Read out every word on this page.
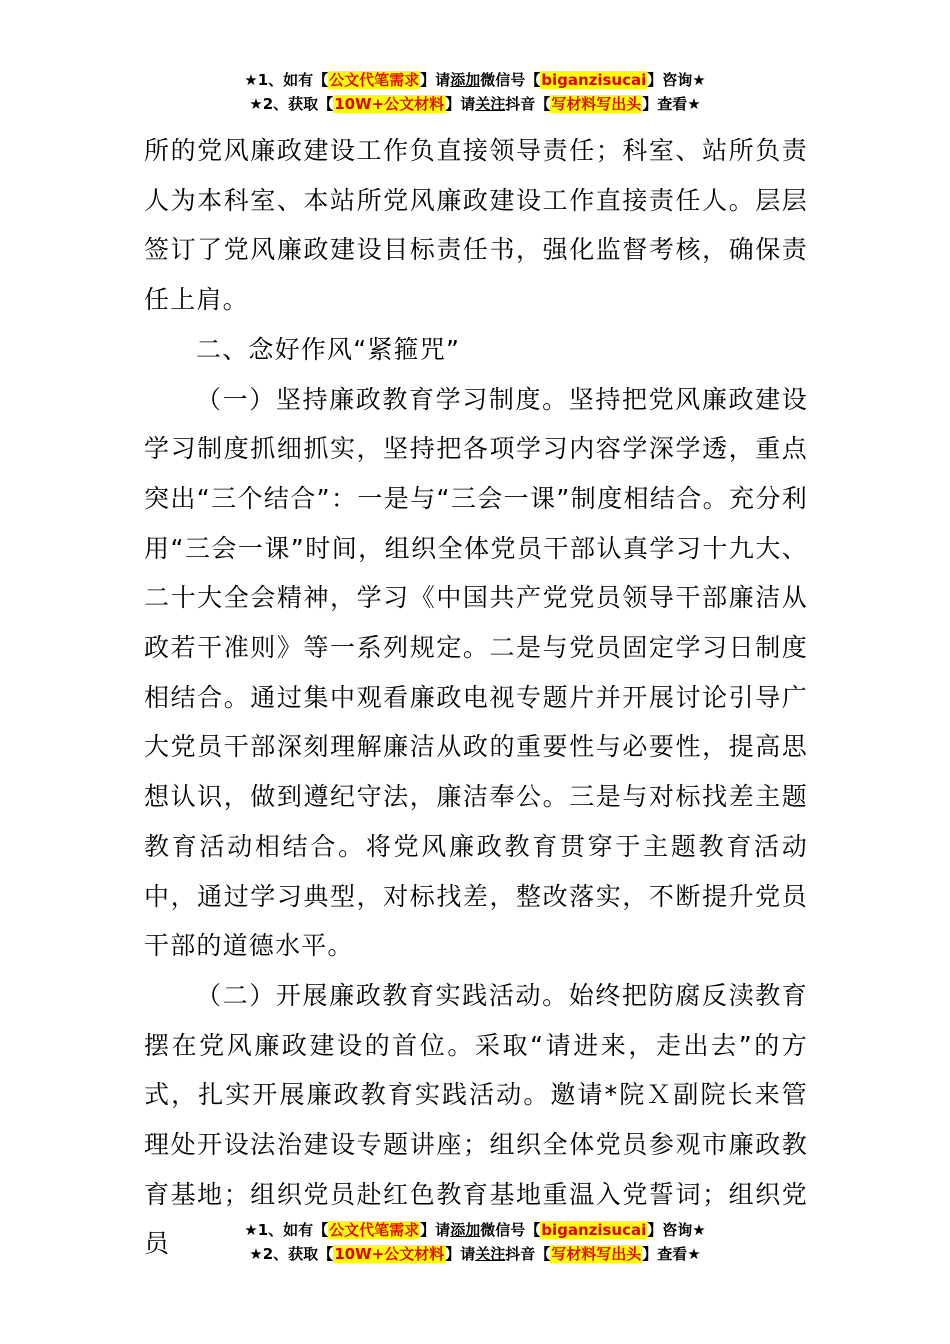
★1、如有【公文代笔需求】请添加微信号【biganzisucai】咨询★
★2、获取【10W+公文材料】请关注抖音【写材料写出头】查看★

所的党风廉政建设工作负直接领导责任；科室、站所负责人为本科室、本站所党风廉政建设工作直接责任人。层层签订了党风廉政建设目标责任书，强化监督考核，确保责任上肩。

二、念好作风“紧箍咒”

（一）坚持廉政教育学习制度。坚持把党风廉政建设学习制度抓细抓实，坚持把各项学习内容学深学透，重点突出“三个结合”：一是与“三会一课”制度相结合。充分利用“三会一课”时间，组织全体党员干部认真学习十九大、二十大全会精神，学习《中国共产党党员领导干部廉洁从政若干准则》等一系列规定。二是与党员固定学习日制度相结合。通过集中观看廉政电视专题片并开展讨论引导广大党员干部深刻理解廉洁从政的重要性与必要性，提高思想认识，做到遵纪守法，廉洁奉公。三是与对标找差主题教育活动相结合。将党风廉政教育贯穿于主题教育活动中，通过学习典型，对标找差，整改落实，不断提升党员干部的道德水平。

（二）开展廉政教育实践活动。始终把防腐反渎教育摆在党风廉政建设的首位。采取“请进来，走出去”的方式，扎实开展廉政教育实践活动。邀请*院Ｘ副院长来管理处开设法治建设专题讲座；组织全体党员参观市廉政教育基地；组织党员赴红色教育基地重温入党誓词；组织党员	★1、如有【公文代笔需求】请添加微信号【biganzisucai】咨询★
★2、获取【10W+公文材料】请关注抖音【写材料写出头】查看★
